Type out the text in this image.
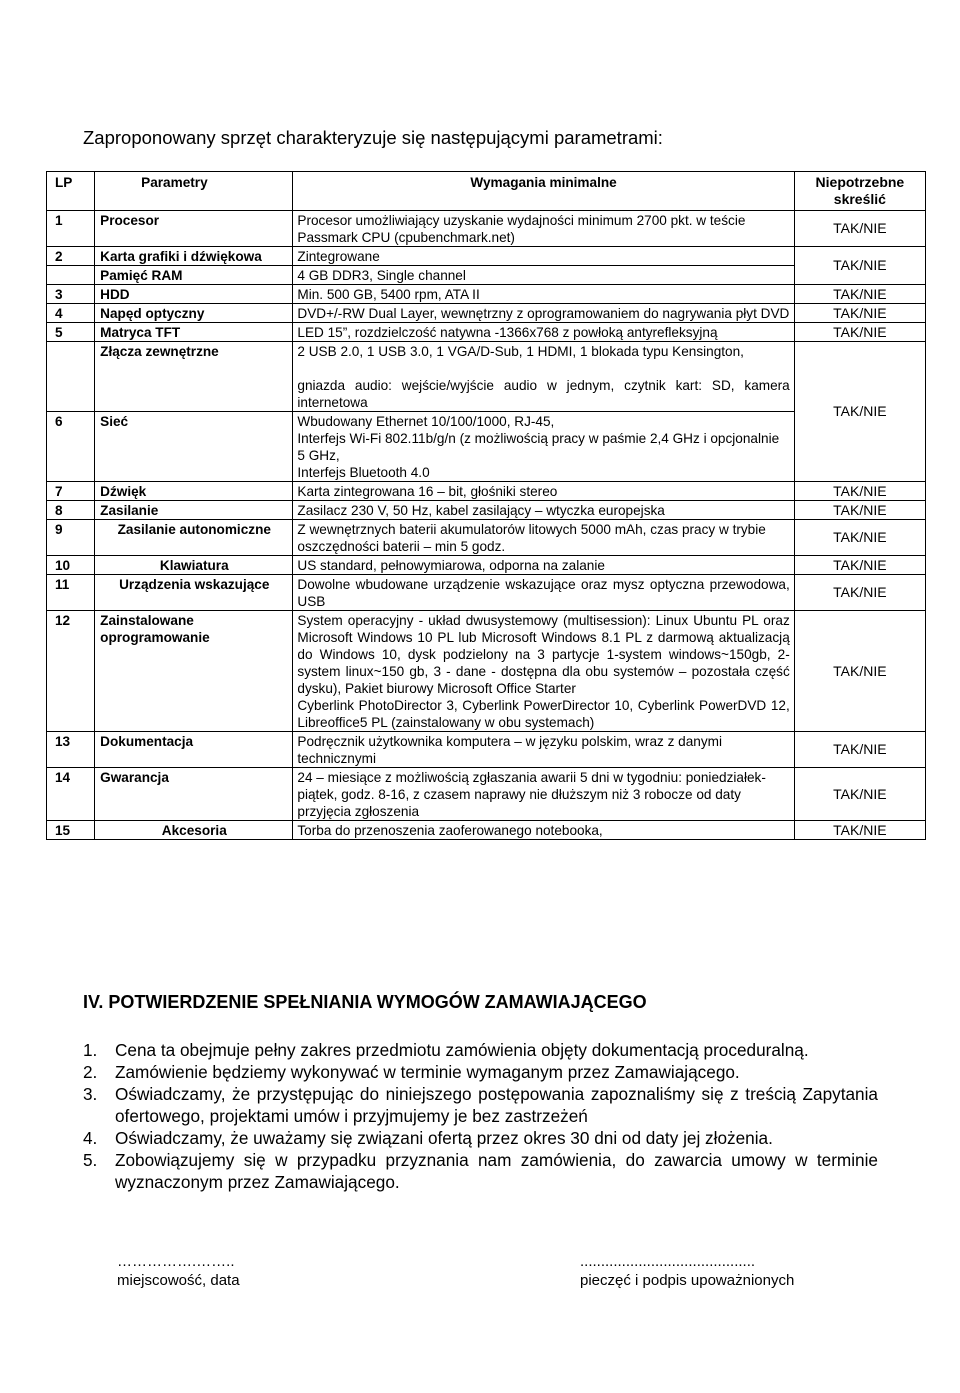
Zaproponowany sprzęt charakteryzuje się następującymi parametrami:
LP	Parametry	Wymagania minimalne	Niepotrzebne skreślić
1	Procesor	Procesor umożliwiający uzyskanie wydajności minimum 2700 pkt. w teście Passmark CPU (cpubenchmark.net)	TAK/NIE
2	Karta grafiki i dźwiękowa	Zintegrowane	TAK/NIE
	Pamięć RAM	4 GB DDR3, Single channel	

3	HDD	Min. 500 GB, 5400 rpm, ATA II	TAK/NIE
4	Napęd optyczny	DVD+/-RW Dual Layer, wewnętrzny z oprogramowaniem do nagrywania płyt DVD	TAK/NIE
5	Matryca TFT	LED 15”, rozdzielczość natywna -1366x768 z powłoką antyrefleksyjną	TAK/NIE
	Złącza zewnętrzne	2 USB 2.0, 1 USB 3.0, 1 VGA/D-Sub, 1 HDMI, 1 blokada typu Kensington,
gniazda audio: wejście/wyjście audio w jednym, czytnik kart: SD, kamera internetowa	TAK/NIE
6	Sieć	Wbudowany Ethernet 10/100/1000, RJ-45,
Interfejs Wi-Fi 802.11b/g/n (z możliwością pracy w paśmie 2,4 GHz i opcjonalnie 5 GHz,
Interfejs Bluetooth 4.0	

7	Dźwięk	Karta zintegrowana 16 – bit, głośniki stereo	TAK/NIE
8	Zasilanie	Zasilacz 230 V, 50 Hz, kabel zasilający – wtyczka europejska	TAK/NIE
9	Zasilanie autonomiczne	Z wewnętrznych baterii akumulatorów litowych 5000 mAh, czas pracy w trybie oszczędności baterii – min 5 godz.	TAK/NIE
10	Klawiatura	US standard, pełnowymiarowa, odporna na zalanie	TAK/NIE
11	Urządzenia wskazujące	Dowolne wbudowane urządzenie wskazujące oraz mysz optyczna przewodowa, USB	TAK/NIE
12	Zainstalowane oprogramowanie	System operacyjny - układ dwusystemowy (multisession): Linux Ubuntu PL oraz Microsoft Windows 10 PL lub Microsoft Windows 8.1 PL z darmową aktualizacją do Windows 10, dysk podzielony na 3 partycje 1-system windows~150gb, 2-system linux~150 gb, 3 - dane - dostępna dla obu systemów – pozostała część dysku), Pakiet biurowy Microsoft Office Starter
Cyberlink PhotoDirector 3, Cyberlink PowerDirector 10, Cyberlink PowerDVD 12, Libreoffice5 PL (zainstalowany w obu systemach)	TAK/NIE
13	Dokumentacja	Podręcznik użytkownika komputera – w języku polskim, wraz z danymi technicznymi	TAK/NIE
14	Gwarancja	24 – miesiące z możliwością zgłaszania awarii 5 dni w tygodniu: poniedziałek-piątek, godz. 8-16, z czasem naprawy nie dłuższym niż 3 robocze od daty przyjęcia zgłoszenia	TAK/NIE
15	Akcesoria	Torba do przenoszenia zaoferowanego notebooka,	TAK/NIE
IV. POTWIERDZENIE SPEŁNIANIA WYMOGÓW ZAMAWIAJĄCEGO
1. Cena ta obejmuje pełny zakres przedmiotu zamówienia objęty dokumentacją proceduralną.
2. Zamówienie będziemy wykonywać w terminie wymaganym przez Zamawiającego.
3. Oświadczamy, że przystępując do niniejszego postępowania zapoznaliśmy się z treścią Zapytania ofertowego, projektami umów i przyjmujemy je bez zastrzeżeń
4. Oświadczamy, że uważamy się związani ofertą przez okres 30 dni od daty jej złożenia.
5. Zobowiązujemy się w przypadku przyznania nam zamówienia, do zawarcia umowy w terminie wyznaczonym przez Zamawiającego.
…………….……..
miejscowość, data
..........................................
pieczęć i podpis upoważnionych
